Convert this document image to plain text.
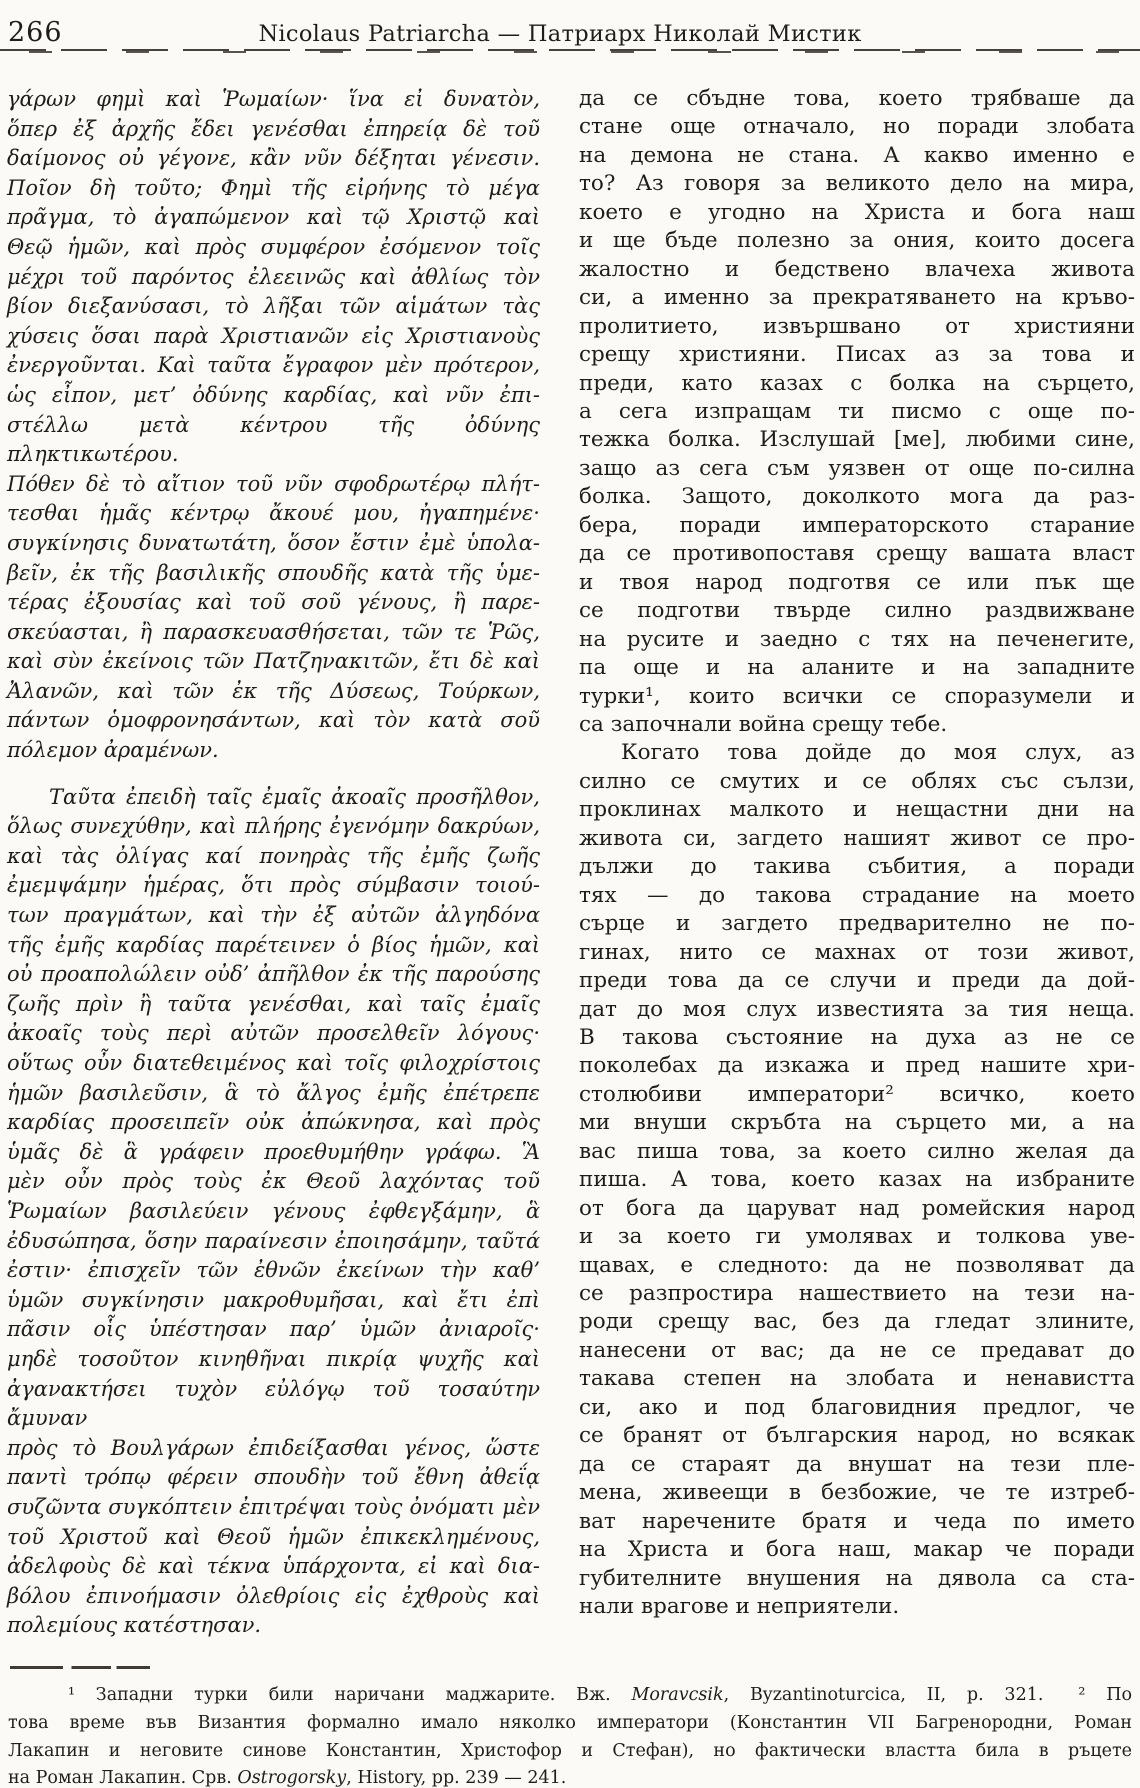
266	Nicolaus Patriarcha — Патриарх Николай Мистик
γάρων φημὶ καὶ Ῥωμαίων· ἵνα εἰ δυνατὸν,
ὅπερ ἐξ ἀρχῆς ἔδει γενέσθαι ἐπηρείᾳ δὲ τοῦ
δαίμονος οὐ γέγονε, κἂν νῦν δέξηται γένεσιν.
Ποῖον δὴ τοῦτο; Φημὶ τῆς εἰρήνης τὸ μέγα
πρᾶγμα, τὸ ἀγαπώμενον καὶ τῷ Χριστῷ καὶ
Θεῷ ἡμῶν, καὶ πρὸς συμφέρον ἐσόμενον τοῖς
μέχρι τοῦ παρόντος ἐλεεινῶς καὶ ἀθλίως τὸν
βίον διεξανύσασι, τὸ λῆξαι τῶν αἱμάτων τὰς
χύσεις ὅσαι παρὰ Χριστιανῶν εἰς Χριστιανοὺς
ἐνεργοῦνται. Καὶ ταῦτα ἔγραφον μὲν πρότερον,
ὡς εἶπον, μετ’ ὀδύνης καρδίας, καὶ νῦν ἐπι-
στέλλω μετὰ κέντρου τῆς ὀδύνης πληκτικωτέρου.
Πόθεν δὲ τὸ αἴτιον τοῦ νῦν σφοδρωτέρῳ πλήτ-
τεσθαι ἡμᾶς κέντρῳ ἄκουέ μου, ἠγαπημένε·
συγκίνησις δυνατωτάτη, ὅσον ἔστιν ἐμὲ ὑπολα-
βεῖν, ἐκ τῆς βασιλικῆς σπουδῆς κατὰ τῆς ὑμε-
τέρας ἐξουσίας καὶ τοῦ σοῦ γένους, ἢ παρε-
σκεύασται, ἢ παρασκευασθήσεται, τῶν τε Ῥῶς,
καὶ σὺν ἐκείνοις τῶν Πατζηνακιτῶν, ἔτι δὲ καὶ
Ἀλανῶν, καὶ τῶν ἐκ τῆς Δύσεως, Τούρκων,
πάντων ὁμοφρονησάντων, καὶ τὸν κατὰ σοῦ
πόλεμον ἀραμένων.
Ταῦτα ἐπειδὴ ταῖς ἐμαῖς ἀκοαῖς προσῆλθον,
ὅλως συνεχύθην, καὶ πλήρης ἐγενόμην δακρύων,
καὶ τὰς ὀλίγας καί πονηρὰς τῆς ἐμῆς ζωῆς
ἐμεμψάμην ἡμέρας, ὅτι πρὸς σύμβασιν τοιού-
των πραγμάτων, καὶ τὴν ἐξ αὐτῶν ἀλγηδόνα
τῆς ἐμῆς καρδίας παρέτεινεν ὁ βίος ἡμῶν, καὶ
οὐ προαπολώλειν οὐδ’ ἀπῆλθον ἐκ τῆς παρούσης
ζωῆς πρὶν ἢ ταῦτα γενέσθαι, καὶ ταῖς ἐμαῖς
ἀκοαῖς τοὺς περὶ αὐτῶν προσελθεῖν λόγους·
οὕτως οὖν διατεθειμένος καὶ τοῖς φιλοχρίστοις
ἡμῶν βασιλεῦσιν, ἃ τὸ ἄλγος ἐμῆς ἐπέτρεπε
καρδίας προσειπεῖν οὐκ ἀπώκνησα, καὶ πρὸς
ὑμᾶς δὲ ἃ γράφειν προεθυμήθην γράφω. Ἃ
μὲν οὖν πρὸς τοὺς ἐκ Θεοῦ λαχόντας τοῦ
Ῥωμαίων βασιλεύειν γένους ἐφθεγξάμην, ἃ
ἐδυσώπησα, ὅσην παραίνεσιν ἐποιησάμην, ταῦτά
ἐστιν· ἐπισχεῖν τῶν ἐθνῶν ἐκείνων τὴν καθ’
ὑμῶν συγκίνησιν μακροθυμῆσαι, καὶ ἔτι ἐπὶ
πᾶσιν οἷς ὑπέστησαν παρ’ ὑμῶν ἀνιαροῖς·
μηδὲ τοσοῦτον κινηθῆναι πικρίᾳ ψυχῆς καὶ
ἀγανακτήσει τυχὸν εὐλόγῳ τοῦ τοσαύτην ἄμυναν
πρὸς τὸ Βουλγάρων ἐπιδείξασθαι γένος, ὥστε
παντὶ τρόπῳ φέρειν σπουδὴν τοῦ ἔθνη ἀθεΐᾳ
συζῶντα συγκόπτειν ἐπιτρέψαι τοὺς ὀνόματι μὲν
τοῦ Χριστοῦ καὶ Θεοῦ ἡμῶν ἐπικεκλημένους,
ἀδελφοὺς δὲ καὶ τέκνα ὑπάρχοντα, εἰ καὶ δια-
βόλου ἐπινοήμασιν ὀλεθρίοις εἰς ἐχθροὺς καὶ
πολεμίους κατέστησαν.
да се сбъдне това, което трябваше да
стане още отначало, но поради злобата
на демона не стана. А какво именно е
то? Аз говоря за великото дело на мира,
което е угодно на Христа и бога наш
и ще бъде полезно за ония, които досега
жалостно и бедствено влачеха живота
си, а именно за прекратяването на кръво-
пролитието, извършвано от християни
срещу християни. Писах аз за това и
преди, като казах с болка на сърцето,
а сега изпращам ти писмо с още по-
тежка болка. Изслушай [ме], любими сине,
защо аз сега съм уязвен от още по-силна
болка. Защото, доколкото мога да раз-
бера, поради императорското старание
да се противопоставя срещу вашата власт
и твоя народ подготвя се или пък ще
се подготви твърде силно раздвижване
на русите и заедно с тях на печенегите,
па още и на аланите и на западните
турки¹, които всички се споразумели и
са започнали война срещу тебе.
Когато това дойде до моя слух, аз
силно се смутих и се облях със сълзи,
проклинах малкото и нещастни дни на
живота си, загдето нашият живот се про-
дължи до такива събития, а поради
тях — до такова страдание на моето
сърце и загдето предварително не по-
гинах, нито се махнах от този живот,
преди това да се случи и преди да дой-
дат до моя слух известията за тия неща.
В такова състояние на духа аз не се
поколебах да изкажа и пред нашите хри-
столюбиви императори² всичко, което
ми внуши скръбта на сърцето ми, а на
вас пиша това, за което силно желая да
пиша. А това, което казах на избраните
от бога да царуват над ромейския народ
и за което ги умолявах и толкова уве-
щавах, е следното: да не позволяват да
се разпростира нашествието на тези на-
роди срещу вас, без да гледат злините,
нанесени от вас; да не се предават до
такава степен на злобата и ненавистта
си, ако и под благовидния предлог, че
се бранят от българския народ, но всякак
да се стараят да внушат на тези пле-
мена, живеещи в безбожие, че те изтреб-
ват наречените братя и чеда по името
на Христа и бога наш, макар че поради
губителните внушения на дявола са ста-
нали врагове и неприятели.
¹ Западни турки били наричани маджарите. Вж. Moravcsik, Byzantinoturcica, II, p. 321.  ² По
това време във Византия формално имало няколко императори (Константин VII Багренородни, Роман
Лакапин и неговите синове Константин, Христофор и Стефан), но фактически властта била в ръцете
на Роман Лакапин. Срв. Ostrogorsky, History, pp. 239 — 241.
